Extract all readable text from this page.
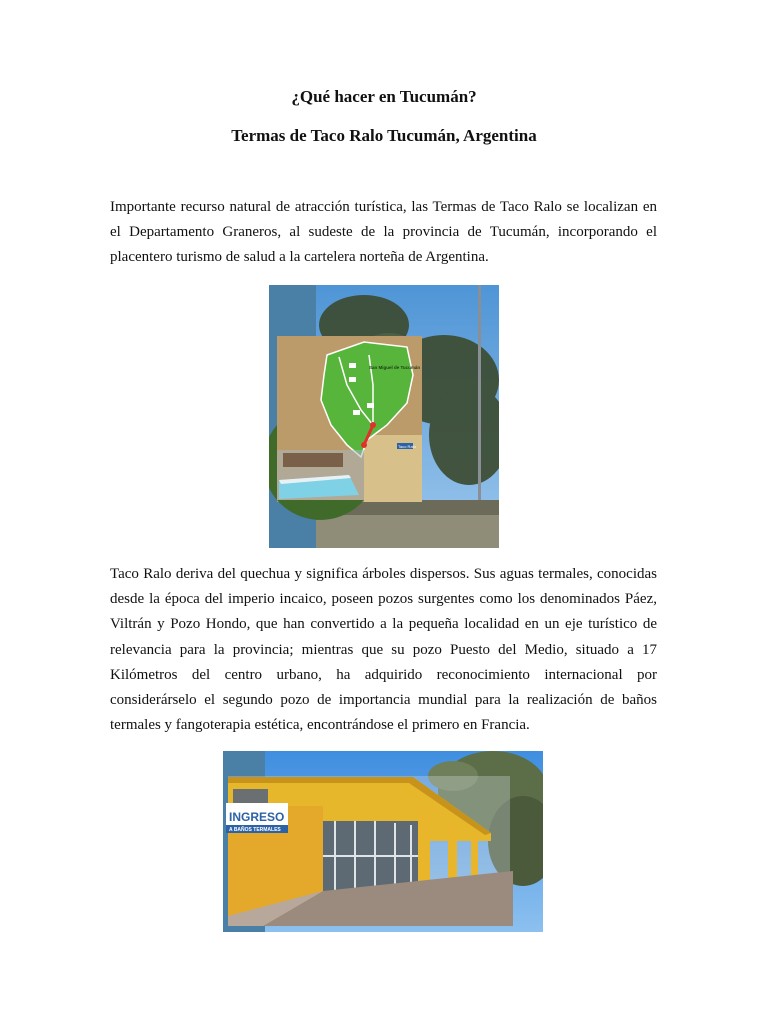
¿Qué hacer en Tucumán?
Termas de Taco Ralo Tucumán, Argentina

Importante recurso natural de atracción turística, las Termas de Taco Ralo se localizan en el Departamento Graneros, al sudeste de la provincia de Tucumán, incorporando el placentero turismo de salud a la cartelera norteña de Argentina.

San Miguel de Tucumán
Taco Ralo

Taco Ralo deriva del quechua y significa árboles dispersos. Sus aguas termales, conocidas desde la época del imperio incaico, poseen pozos surgentes como los denominados Páez, Viltrán y Pozo Hondo, que han convertido a la pequeña localidad en un eje turístico de relevancia para la provincia; mientras que su pozo Puesto del Medio, situado a 17 Kilómetros del centro urbano, ha adquirido reconocimiento internacional por considerárselo el segundo pozo de importancia mundial para la realización de baños termales y fangoterapia estética, encontrándose el primero en Francia.

INGRESO
A BAÑOS TERMALES
